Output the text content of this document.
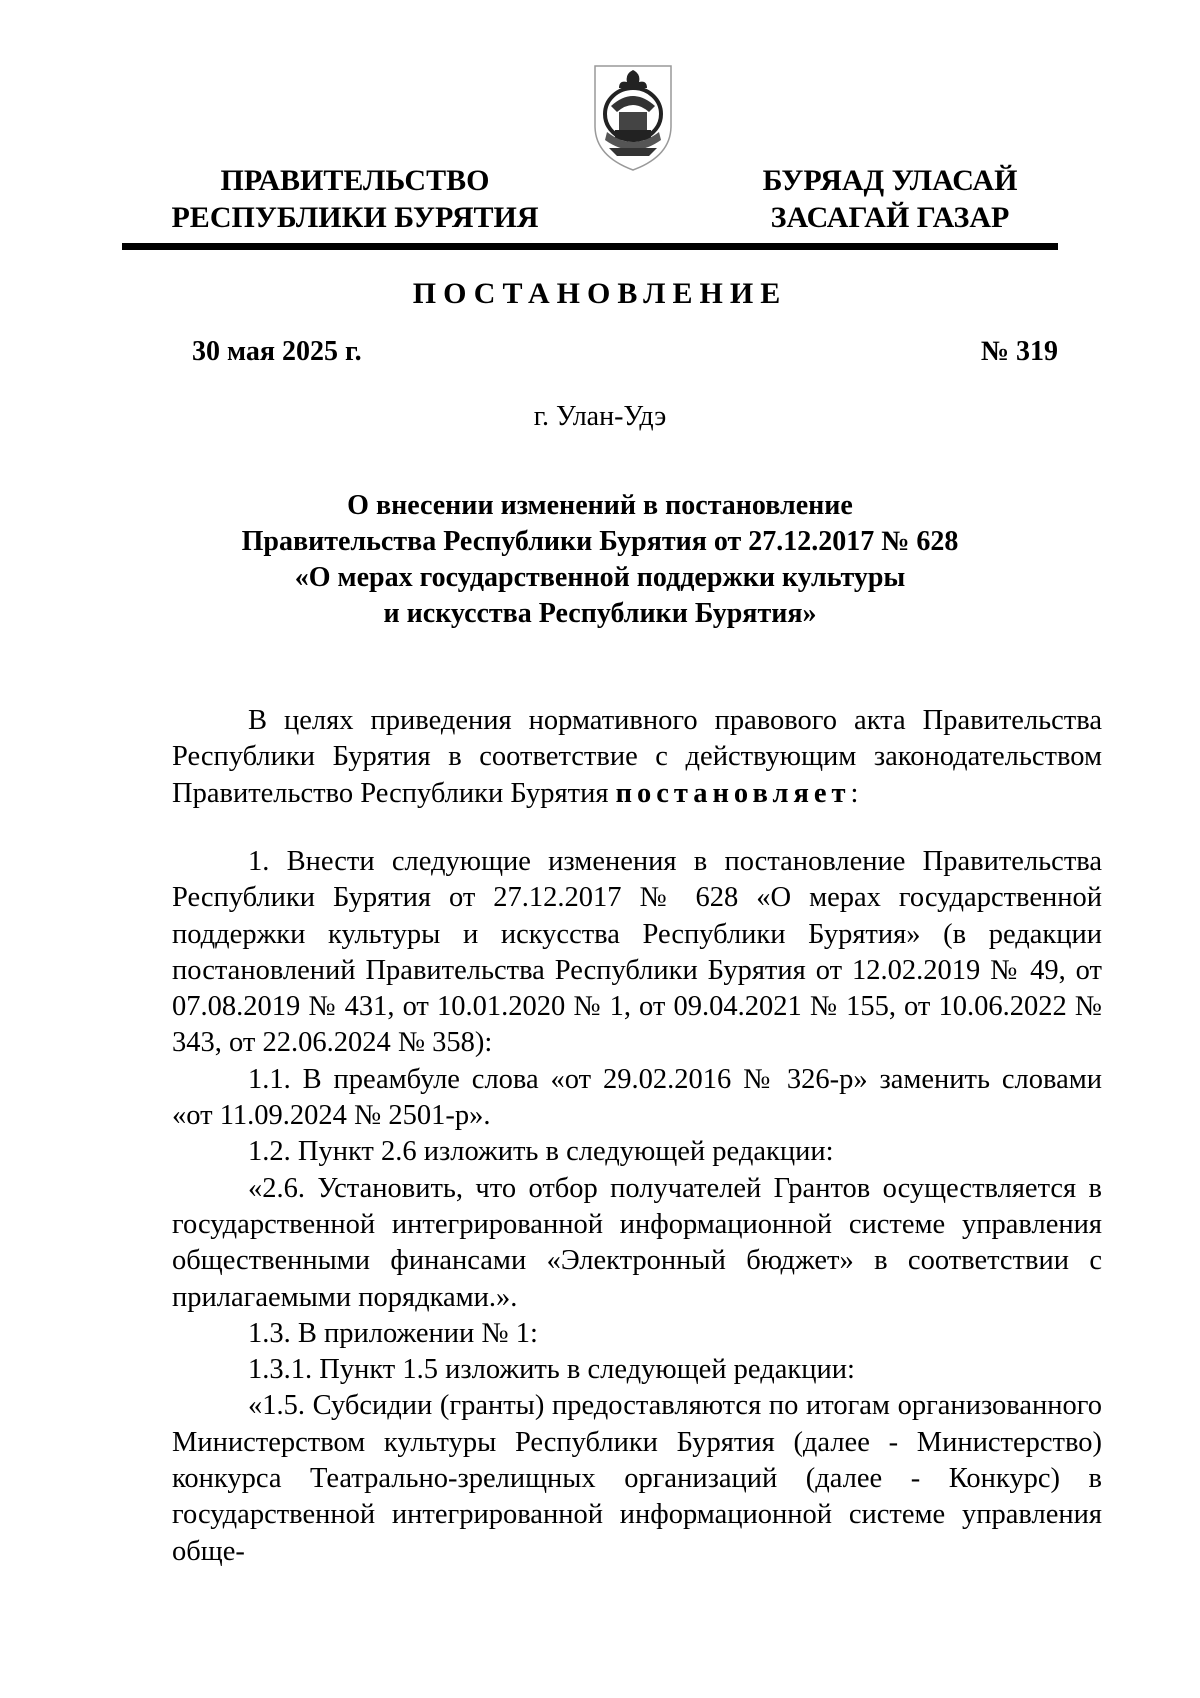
ПРАВИТЕЛЬСТВО
РЕСПУБЛИКИ БУРЯТИЯ
БУРЯАД УЛАСАЙ
ЗАСАГАЙ ГАЗАР
ПОСТАНОВЛЕНИЕ
30 мая 2025 г.	№ 319
г. Улан-Удэ
О внесении изменений в постановление
Правительства Республики Бурятия от 27.12.2017 № 628
«О мерах государственной поддержки культуры
и искусства Республики Бурятия»

В целях приведения нормативного правового акта Правительства Республики Бурятия в соответствие с действующим законодательством Правительство Республики Бурятия постановляет:

1. Внести следующие изменения в постановление Правительства Республики Бурятия от 27.12.2017 № 628 «О мерах государственной поддержки культуры и искусства Республики Бурятия» (в редакции постановлений Правительства Республики Бурятия от 12.02.2019 № 49, от 07.08.2019 № 431, от 10.01.2020 № 1, от 09.04.2021 № 155, от 10.06.2022 № 343, от 22.06.2024 № 358):

1.1. В преамбуле слова «от 29.02.2016 № 326-р» заменить словами «от 11.09.2024 № 2501-р».

1.2. Пункт 2.6 изложить в следующей редакции:

«2.6. Установить, что отбор получателей Грантов осуществляется в государственной интегрированной информационной системе управления общественными финансами «Электронный бюджет» в соответствии с прилагаемыми порядками.».

1.3. В приложении № 1:

1.3.1. Пункт 1.5 изложить в следующей редакции:

«1.5. Субсидии (гранты) предоставляются по итогам организованного Министерством культуры Республики Бурятия (далее - Министерство) конкурса Театрально-зрелищных организаций (далее - Конкурс) в государственной интегрированной информационной системе управления обще-
